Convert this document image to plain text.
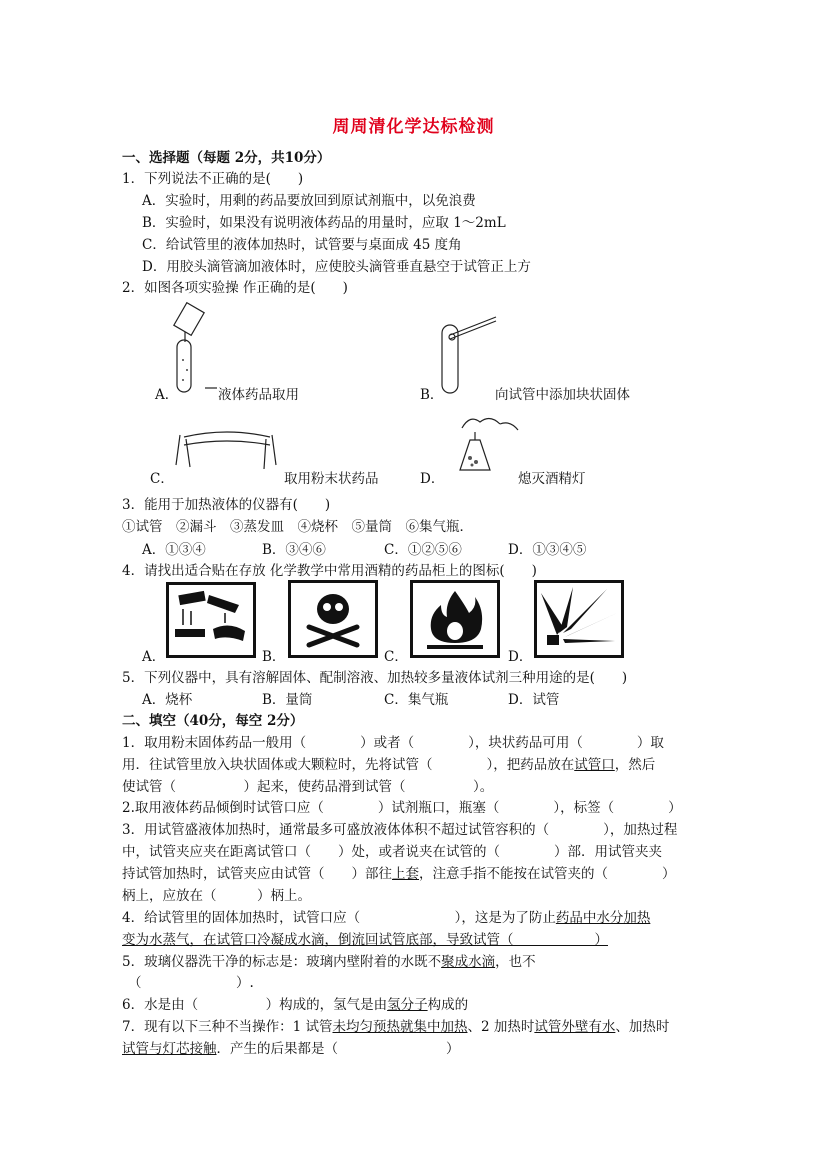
周周清化学达标检测
一、选择题（每题 2分，共10分）
1．下列说法不正确的是(　　)
A．实验时，用剩的药品要放回到原试剂瓶中，以免浪费
B．实验时，如果没有说明液体药品的用量时，应取 1～2mL
C．给试管里的液体加热时，试管要与桌面成 45 度角
D．用胶头滴管滴加液体时，应使胶头滴管垂直悬空于试管正上方
2．如图各项实验操 作正确的是(　　)
A．	液体药品取用	B．	向试管中添加块状固体
C．	取用粉末状药品	D．	熄灭酒精灯
3．能用于加热液体的仪器有(　　)
①试管　②漏斗　③蒸发皿　④烧杯　⑤量筒　⑥集气瓶．
A．①③④	B．③④⑥	C．①②⑤⑥	D．①③④⑤
4．请找出适合贴在存放 化学教学中常用酒精的药品柜上的图标(　　)
A．	B．	C．	D．
5．下列仪器中，具有溶解固体、配制溶液、加热较多量液体试剂三种用途的是(　　)
A．烧杯	B．量筒	C．集气瓶	D．试管
二、填空（40分，每空 2分）
1．取用粉末固体药品一般用（　　　　）或者（　　　　），块状药品可用（　　　　）取
用．往试管里放入块状固体或大颗粒时，先将试管（　　　　），把药品放在试管口，然后
使试管（　　　　　）起来，使药品滑到试管（　　　　　）。
2.取用液体药品倾倒时试管口应（　　　　）试剂瓶口，瓶塞（　　　　），标签（　　　　）
3．用试管盛液体加热时，通常最多可盛放液体体积不超过试管容积的（　　　　），加热过程
中，试管夹应夹在距离试管口（　　）处，或者说夹在试管的（　　　　）部．用试管夹夹
持试管加热时，试管夹应由试管（　　）部往上套，注意手指不能按在试管夹的（　　　　）
柄上，应放在（　　　）柄上。
4．给试管里的固体加热时，试管口应（　　　　　　　），这是为了防止药品中水分加热
变为水蒸气，在试管口冷凝成水滴，倒流回试管底部，导致试管（　　　　　　）
5．玻璃仪器洗干净的标志是：玻璃内壁附着的水既不聚成水滴，也不
（　　　　　　　）.
6．水是由（　　　　　）构成的，氢气是由氢分子构成的
7．现有以下三种不当操作：1 试管未均匀预热就集中加热、2 加热时试管外壁有水、加热时
试管与灯芯接触．产生的后果都是（　　　　　　　　）
